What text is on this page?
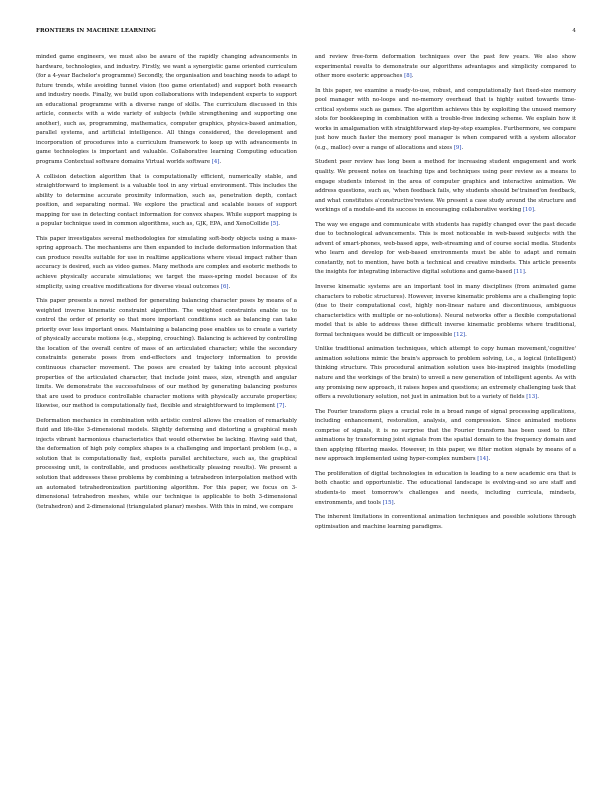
FRONTIERS IN MACHINE LEARNING	4

minded game engineers, we must also be aware of the rapidly changing advancements in hardware, technologies, and industry. Firstly, we want a synergistic game oriented curriculum (for a 4-year Bachelor's programme) Secondly, the organisation and teaching needs to adapt to future trends, while avoiding tunnel vision (too game orientated) and support both research and industry needs. Finally, we build upon collaborations with independent experts to support an educational programme with a diverse range of skills. The curriculum discussed in this article, connects with a wide variety of subjects (while strengthening and supporting one another), such as, programming, mathematics, computer graphics, physics-based animation, parallel systems, and artificial intelligence. All things considered, the development and incorporation of procedures into a curriculum framework to keep up with advancements in game technologies is important and valuable. Collaborative learning Computing education programs Contextual software domains Virtual worlds software [4].

A collision detection algorithm that is computationally efficient, numerically stable, and straightforward to implement is a valuable tool in any virtual environment. This includes the ability to determine accurate proximity information, such as, penetration depth, contact position, and separating normal. We explore the practical and scalable issues of support mapping for use in detecting contact information for convex shapes. While support mapping is a popular technique used in common algorithms, such as, GJK, EPA, and XenoCollide [5].

This paper investigates several methodologies for simulating soft-body objects using a mass- spring approach. The mechanisms are then expanded to include deformation information that can produce results suitable for use in realtime applications where visual impact rather than accuracy is desired, such as video games. Many methods are complex and esoteric methods to achieve physically accurate simulations; we target the mass-spring model because of its simplicity, using creative modifications for diverse visual outcomes [6].

This paper presents a novel method for generating balancing character poses by means of a weighted inverse kinematic constraint algorithm. The weighted constraints enable us to control the order of priority so that more important conditions such as balancing can take priority over less important ones. Maintaining a balancing pose enables us to create a variety of physically accurate motions (e.g., stepping, crouching). Balancing is achieved by controlling the location of the overall centre of mass of an articulated character; while the secondary constraints generate poses from end-effectors and trajectory information to provide continuous character movement. The poses are created by taking into account physical properties of the articulated character, that include joint mass, size, strength and angular limits. We demonstrate the successfulness of our method by generating balancing postures that are used to produce controllable character motions with physically accurate properties; likewise, our method is computationally fast, flexible and straightforward to implement [7].

Deformation mechanics in combination with artistic control allows the creation of remarkably fluid and life-like 3-dimensional models. Slightly deforming and distorting a graphical mesh injects vibrant harmonious characteristics that would otherwise be lacking. Having said that, the deformation of high poly complex shapes is a challenging and important problem (e.g., a solution that is computationally fast, exploits parallel architecture, such as, the graphical processing unit, is controllable, and produces aesthetically pleasing results). We present a solution that addresses these problems by combining a tetrahedron interpolation method with an automated tetrahedronization partitioning algorithm. For this paper, we focus on 3-dimensional tetrahedron meshes, while our technique is applicable to both 3-dimensional (tetrahedron) and 2-dimensional (triangulated planar) meshes. With this in mind, we compare

and review free-form deformation techniques over the past few years. We also show experimental results to demonstrate our algorithms advantages and simplicity compared to other more esoteric approaches [8].

In this paper, we examine a ready-to-use, robust, and computationally fast fixed-size memory pool manager with no-loops and no-memory overhead that is highly suited towards time-critical systems such as games. The algorithm achieves this by exploiting the unused memory slots for bookkeeping in combination with a trouble-free indexing scheme. We explain how it works in amalgamation with straightforward step-by-step examples. Furthermore, we compare just how much faster the memory pool manager is when compared with a system allocator (e.g., malloc) over a range of allocations and sizes [9].

Student peer review has long been a method for increasing student engagement and work quality. We present notes on teaching tips and techniques using peer review as a means to engage students interest in the area of computer graphics and interactive animation. We address questions, such as, 'when feedback fails, why students should be'trained'on feedback, and what constitutes a'constructive'review. We present a case study around the structure and workings of a module-and its success in encouraging collaborative working [10].

The way we engage and communicate with students has rapidly changed over the past decade due to technological advancements. This is most noticeable in web-based subjects with the advent of smart-phones, web-based apps, web-streaming and of course social media. Students who learn and develop for web-based environments must be able to adapt and remain constantly, not to mention, have both a technical and creative mindsets. This article presents the insights for integrating interactive digital solutions and game-based [11].

Inverse kinematic systems are an important tool in many disciplines (from animated game characters to robotic structures). However, inverse kinematic problems are a challenging topic (due to their computational cost, highly non-linear nature and discontinuous, ambiguous characteristics with multiple or no-solutions). Neural networks offer a flexible computational model that is able to address these difficult inverse kinematic problems where traditional, formal techniques would be difficult or impossible [12].

Unlike traditional animation techniques, which attempt to copy human movement,'cognitive' animation solutions mimic the brain's approach to problem solving, i.e., a logical (intelligent) thinking structure. This procedural animation solution uses bio-inspired insights (modelling nature and the workings of the brain) to unveil a new generation of intelligent agents. As with any promising new approach, it raises hopes and questions; an extremely challenging task that offers a revolutionary solution, not just in animation but to a variety of fields [13].

The Fourier transform plays a crucial role in a broad range of signal processing applications, including enhancement, restoration, analysis, and compression. Since animated motions comprise of signals, it is no surprise that the Fourier transform has been used to filter animations by transforming joint signals from the spatial domain to the frequency domain and then applying filtering masks. However, in this paper, we filter motion signals by means of a new approach implemented using hyper-complex numbers [14].

The proliferation of digital technologies in education is leading to a new academic era that is both chaotic and opportunistic. The educational landscape is evolving-and so are staff and students-to meet tomorrow's challenges and needs, including curricula, mindsets, environments, and tools [15].

The inherent limitations in conventional animation techniques and possible solutions through optimisation and machine learning paradigms.
